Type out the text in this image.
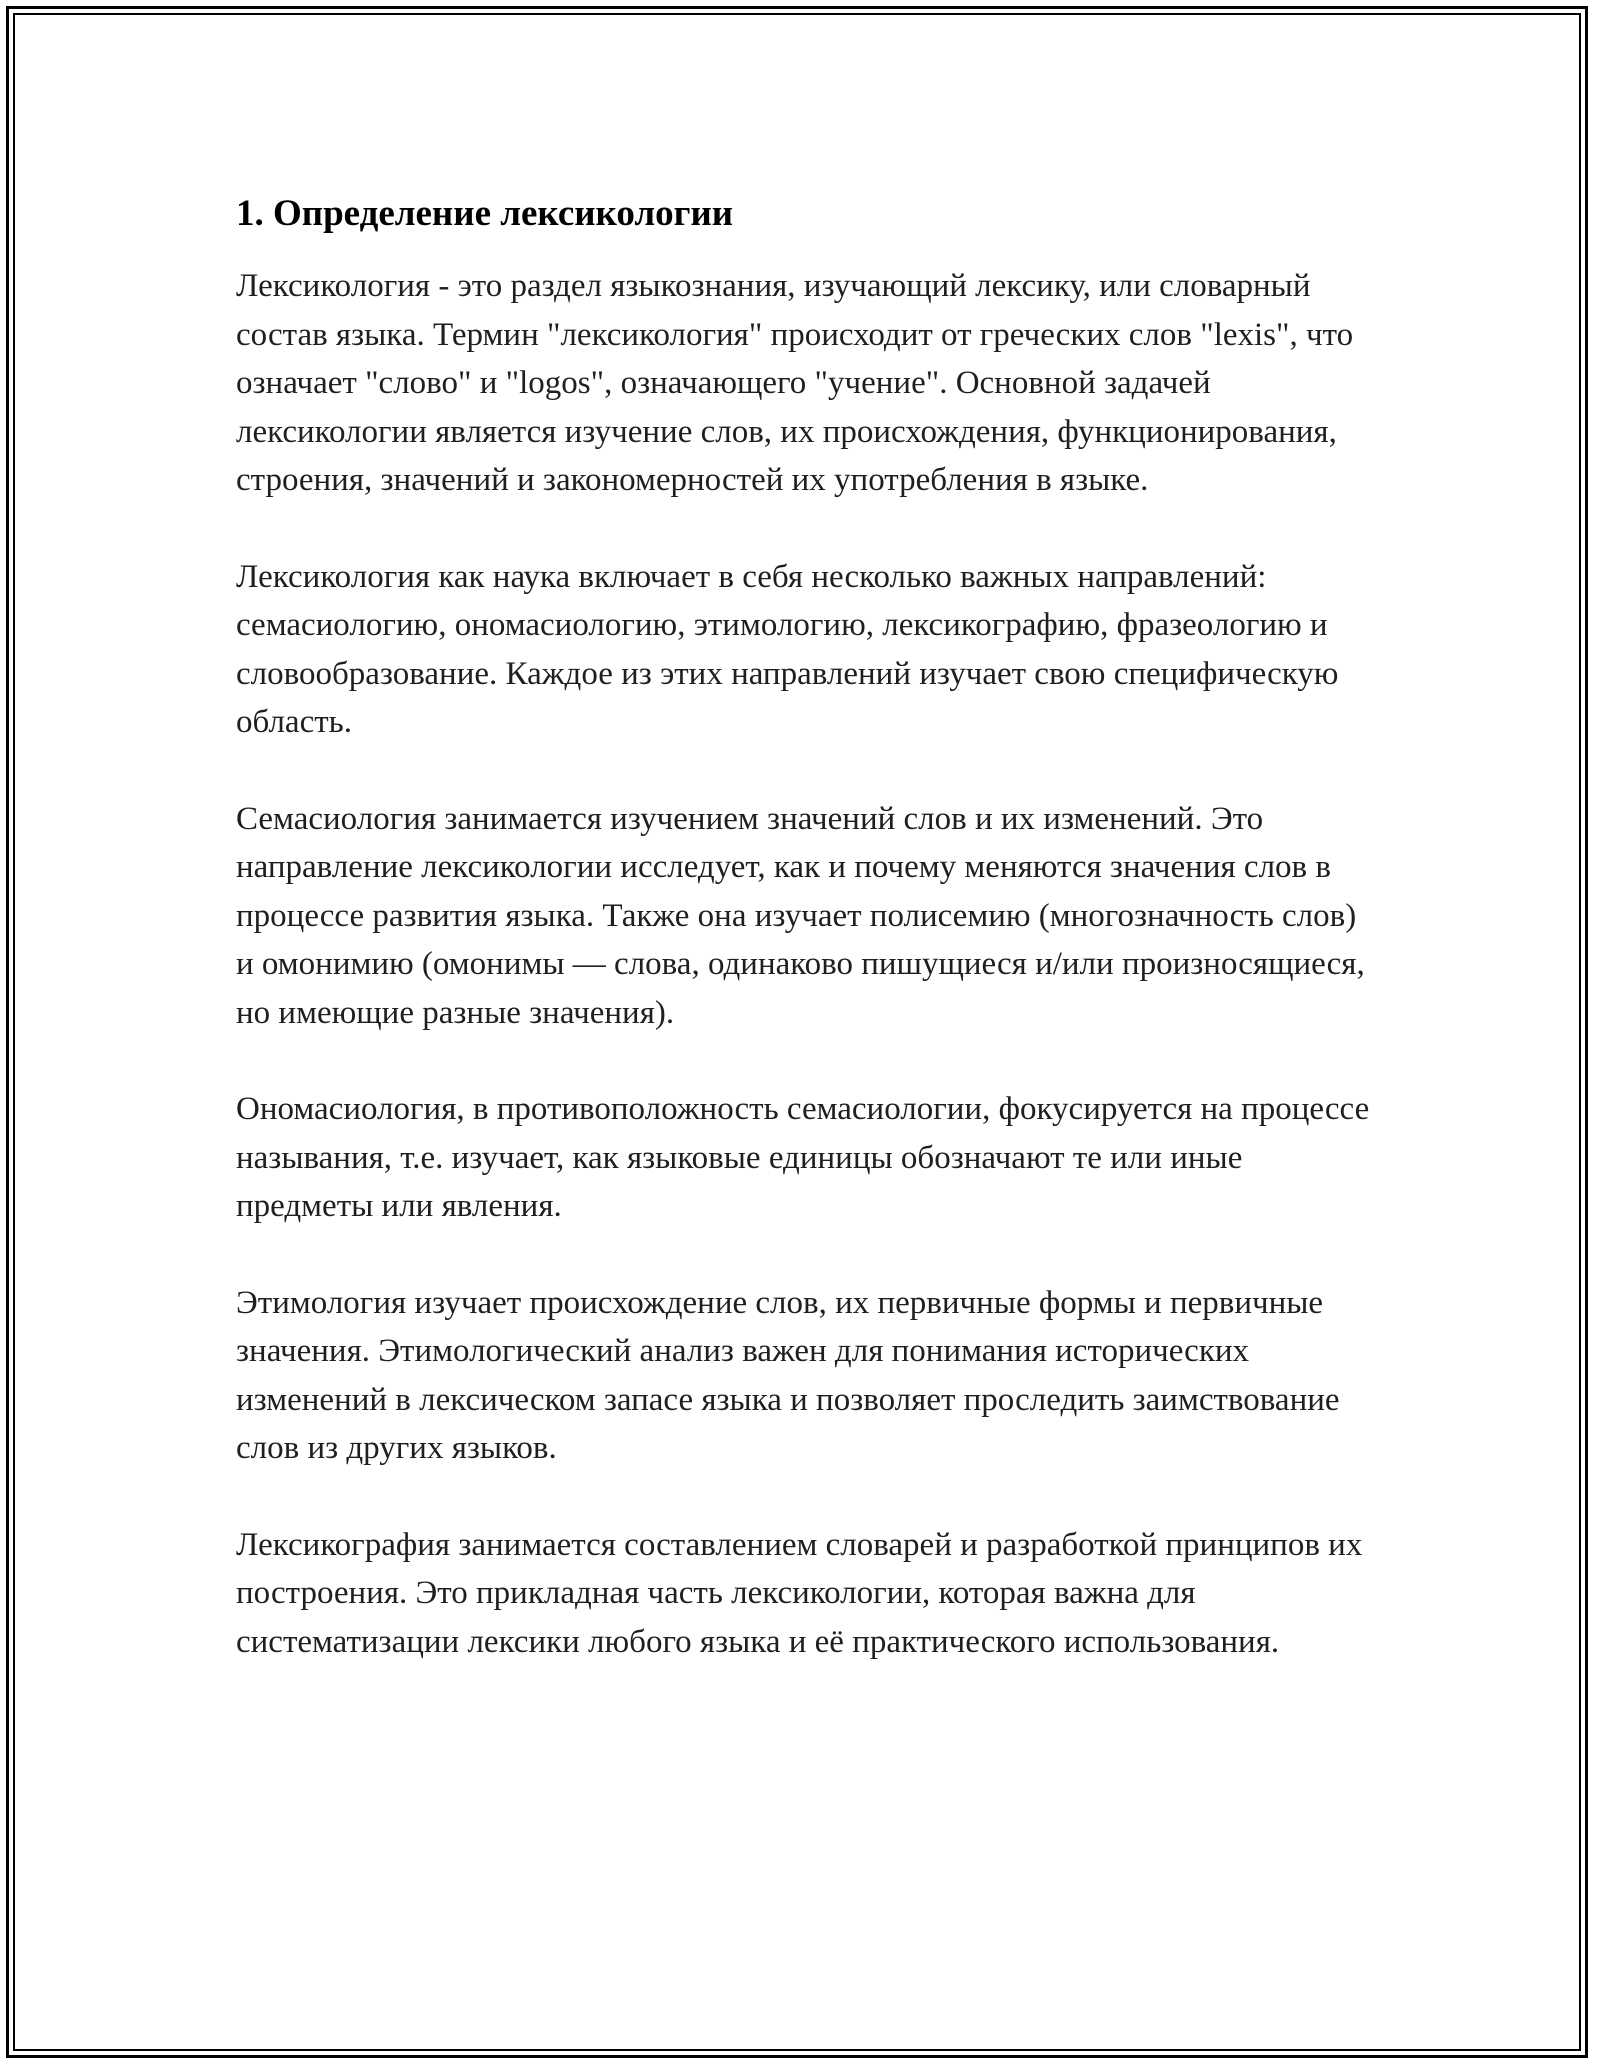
1. Определение лексикологии

Лексикология - это раздел языкознания, изучающий лексику, или словарный состав языка. Термин "лексикология" происходит от греческих слов "lexis", что означает "слово" и "logos", означающего "учение". Основной задачей лексикологии является изучение слов, их происхождения, функционирования, строения, значений и закономерностей их употребления в языке.

Лексикология как наука включает в себя несколько важных направлений: семасиологию, ономасиологию, этимологию, лексикографию, фразеологию и словообразование. Каждое из этих направлений изучает свою специфическую область.

Семасиология занимается изучением значений слов и их изменений. Это направление лексикологии исследует, как и почему меняются значения слов в процессе развития языка. Также она изучает полисемию (многозначность слов) и омонимию (омонимы — слова, одинаково пишущиеся и/или произносящиеся, но имеющие разные значения).

Ономасиология, в противоположность семасиологии, фокусируется на процессе называния, т.е. изучает, как языковые единицы обозначают те или иные предметы или явления.

Этимология изучает происхождение слов, их первичные формы и первичные значения. Этимологический анализ важен для понимания исторических изменений в лексическом запасе языка и позволяет проследить заимствование слов из других языков.

Лексикография занимается составлением словарей и разработкой принципов их построения. Это прикладная часть лексикологии, которая важна для систематизации лексики любого языка и её практического использования.
